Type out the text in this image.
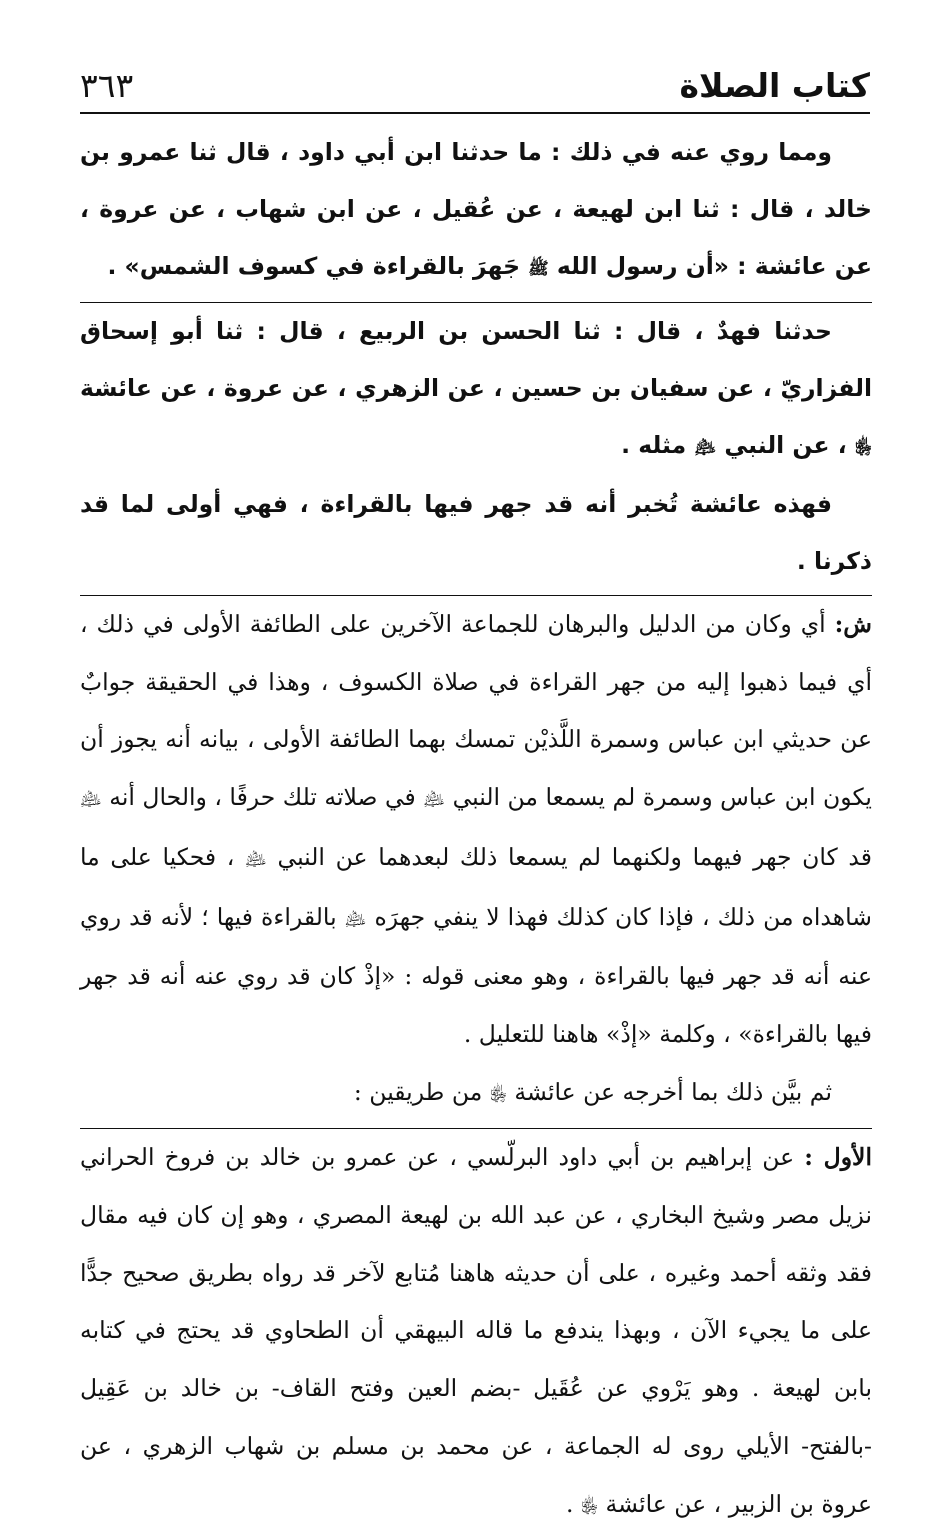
كتاب الصلاة
٣٦٣

ومما روي عنه في ذلك : ما حدثنا ابن أبي داود ، قال ثنا عمرو بن خالد ، قال : ثنا ابن لهيعة ، عن عُقيل ، عن ابن شهاب ، عن عروة ، عن عائشة : «أن رسول الله ﷺ جَهرَ بالقراءة في كسوف الشمس» .

حدثنا فهدٌ ، قال : ثنا الحسن بن الربيع ، قال : ثنا أبو إسحاق الفزاريّ ، عن سفيان بن حسين ، عن الزهري ، عن عروة ، عن عائشة ﵂ ، عن النبي ﵇ مثله .

فهذه عائشة تُخبر أنه قد جهر فيها بالقراءة ، فهي أولى لما قد ذكرنا .

ش: أي وكان من الدليل والبرهان للجماعة الآخرين على الطائفة الأولى في ذلك ، أي فيما ذهبوا إليه من جهر القراءة في صلاة الكسوف ، وهذا في الحقيقة جوابٌ عن حديثي ابن عباس وسمرة اللَّذيْن تمسك بهما الطائفة الأولى ، بيانه أنه يجوز أن يكون ابن عباس وسمرة لم يسمعا من النبي ﵇ في صلاته تلك حرفًا ، والحال أنه ﵇ قد كان جهر فيهما ولكنهما لم يسمعا ذلك لبعدهما عن النبي ﵇ ، فحكيا على ما شاهداه من ذلك ، فإذا كان كذلك فهذا لا ينفي جهرَه ﵇ بالقراءة فيها ؛ لأنه قد روي عنه أنه قد جهر فيها بالقراءة ، وهو معنى قوله : «إذْ كان قد روي عنه أنه قد جهر فيها بالقراءة» ، وكلمة «إذْ» هاهنا للتعليل .

ثم بيَّن ذلك بما أخرجه عن عائشة ﵂ من طريقين :

الأول : عن إبراهيم بن أبي داود البرلّسي ، عن عمرو بن خالد بن فروخ الحراني نزيل مصر وشيخ البخاري ، عن عبد الله بن لهيعة المصري ، وهو إن كان فيه مقال فقد وثقه أحمد وغيره ، على أن حديثه هاهنا مُتابع لآخر قد رواه بطريق صحيح جدًّا على ما يجيء الآن ، وبهذا يندفع ما قاله البيهقي أن الطحاوي قد يحتج في كتابه بابن لهيعة . وهو يَرْوي عن عُقَيل -بضم العين وفتح القاف- بن خالد بن عَقِيل -بالفتح- الأيلي روى له الجماعة ، عن محمد بن مسلم بن شهاب الزهري ، عن عروة بن الزبير ، عن عائشة ﵂ .
